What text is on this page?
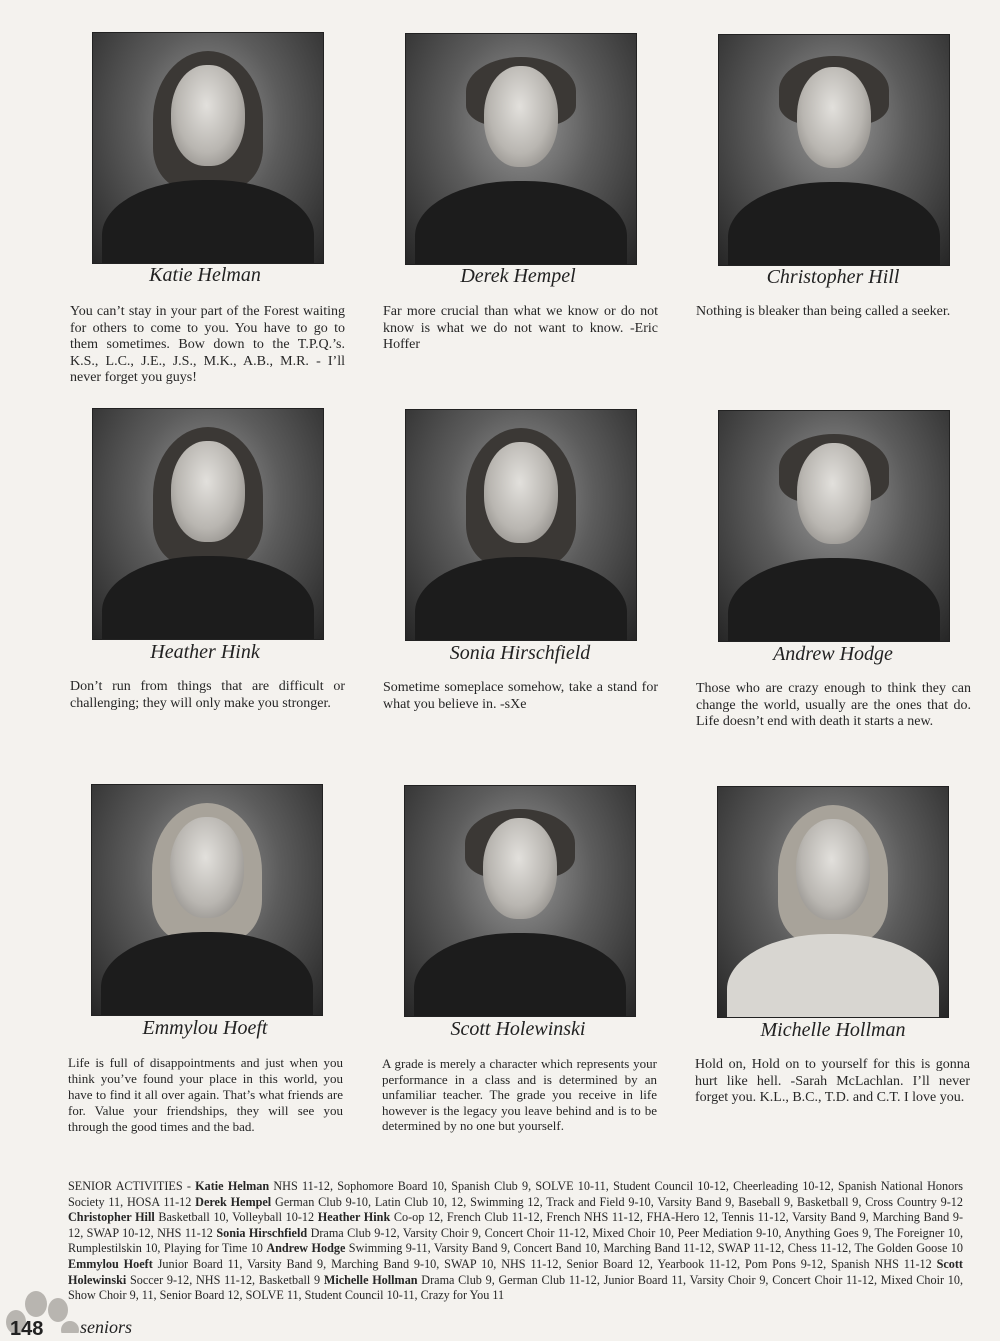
Katie Helman
You can’t stay in your part of the Forest waiting for others to come to you. You have to go to them sometimes. Bow down to the T.P.Q.’s. K.S., L.C., J.E., J.S., M.K., A.B., M.R. - I’ll never forget you guys!
Derek Hempel
Far more crucial than what we know or do not know is what we do not want to know. -Eric Hoffer
Christopher Hill
Nothing is bleaker than being called a seeker.
Heather Hink
Don’t run from things that are difficult or challenging; they will only make you stronger.
Sonia Hirschfield
Sometime someplace somehow, take a stand for what you believe in. -sXe
Andrew Hodge
Those who are crazy enough to think they can change the world, usually are the ones that do. Life doesn’t end with death it starts a new.
Emmylou Hoeft
Life is full of disappointments and just when you think you’ve found your place in this world, you have to find it all over again. That’s what friends are for. Value your friendships, they will see you through the good times and the bad.
Scott Holewinski
A grade is merely a character which represents your performance in a class and is determined by an unfamiliar teacher. The grade you receive in life however is the legacy you leave behind and is to be determined by no one but yourself.
Michelle Hollman
Hold on, Hold on to yourself for this is gonna hurt like hell. -Sarah McLachlan. I’ll never forget you. K.L., B.C., T.D. and C.T. I love you.
SENIOR ACTIVITIES - Katie Helman NHS 11-12, Sophomore Board 10, Spanish Club 9, SOLVE 10-11, Student Council 10-12, Cheerleading 10-12, Spanish National Honors Society 11, HOSA 11-12 Derek Hempel German Club 9-10, Latin Club 10, 12, Swimming 12, Track and Field 9-10, Varsity Band 9, Baseball 9, Basketball 9, Cross Country 9-12 Christopher Hill Basketball 10, Volleyball 10-12 Heather Hink Co-op 12, French Club 11-12, French NHS 11-12, FHA-Hero 12, Tennis 11-12, Varsity Band 9, Marching Band 9-12, SWAP 10-12, NHS 11-12 Sonia Hirschfield Drama Club 9-12, Varsity Choir 9, Concert Choir 11-12, Mixed Choir 10, Peer Mediation 9-10, Anything Goes 9, The Foreigner 10, Rumplestilskin 10, Playing for Time 10 Andrew Hodge Swimming 9-11, Varsity Band 9, Concert Band 10, Marching Band 11-12, SWAP 11-12, Chess 11-12, The Golden Goose 10 Emmylou Hoeft Junior Board 11, Varsity Band 9, Marching Band 9-10, SWAP 10, NHS 11-12, Senior Board 12, Yearbook 11-12, Pom Pons 9-12, Spanish NHS 11-12 Scott Holewinski Soccer 9-12, NHS 11-12, Basketball 9 Michelle Hollman Drama Club 9, German Club 11-12, Junior Board 11, Varsity Choir 9, Concert Choir 11-12, Mixed Choir 10, Show Choir 9, 11, Senior Board 12, SOLVE 11, Student Council 10-11, Crazy for You 11
148 seniors
